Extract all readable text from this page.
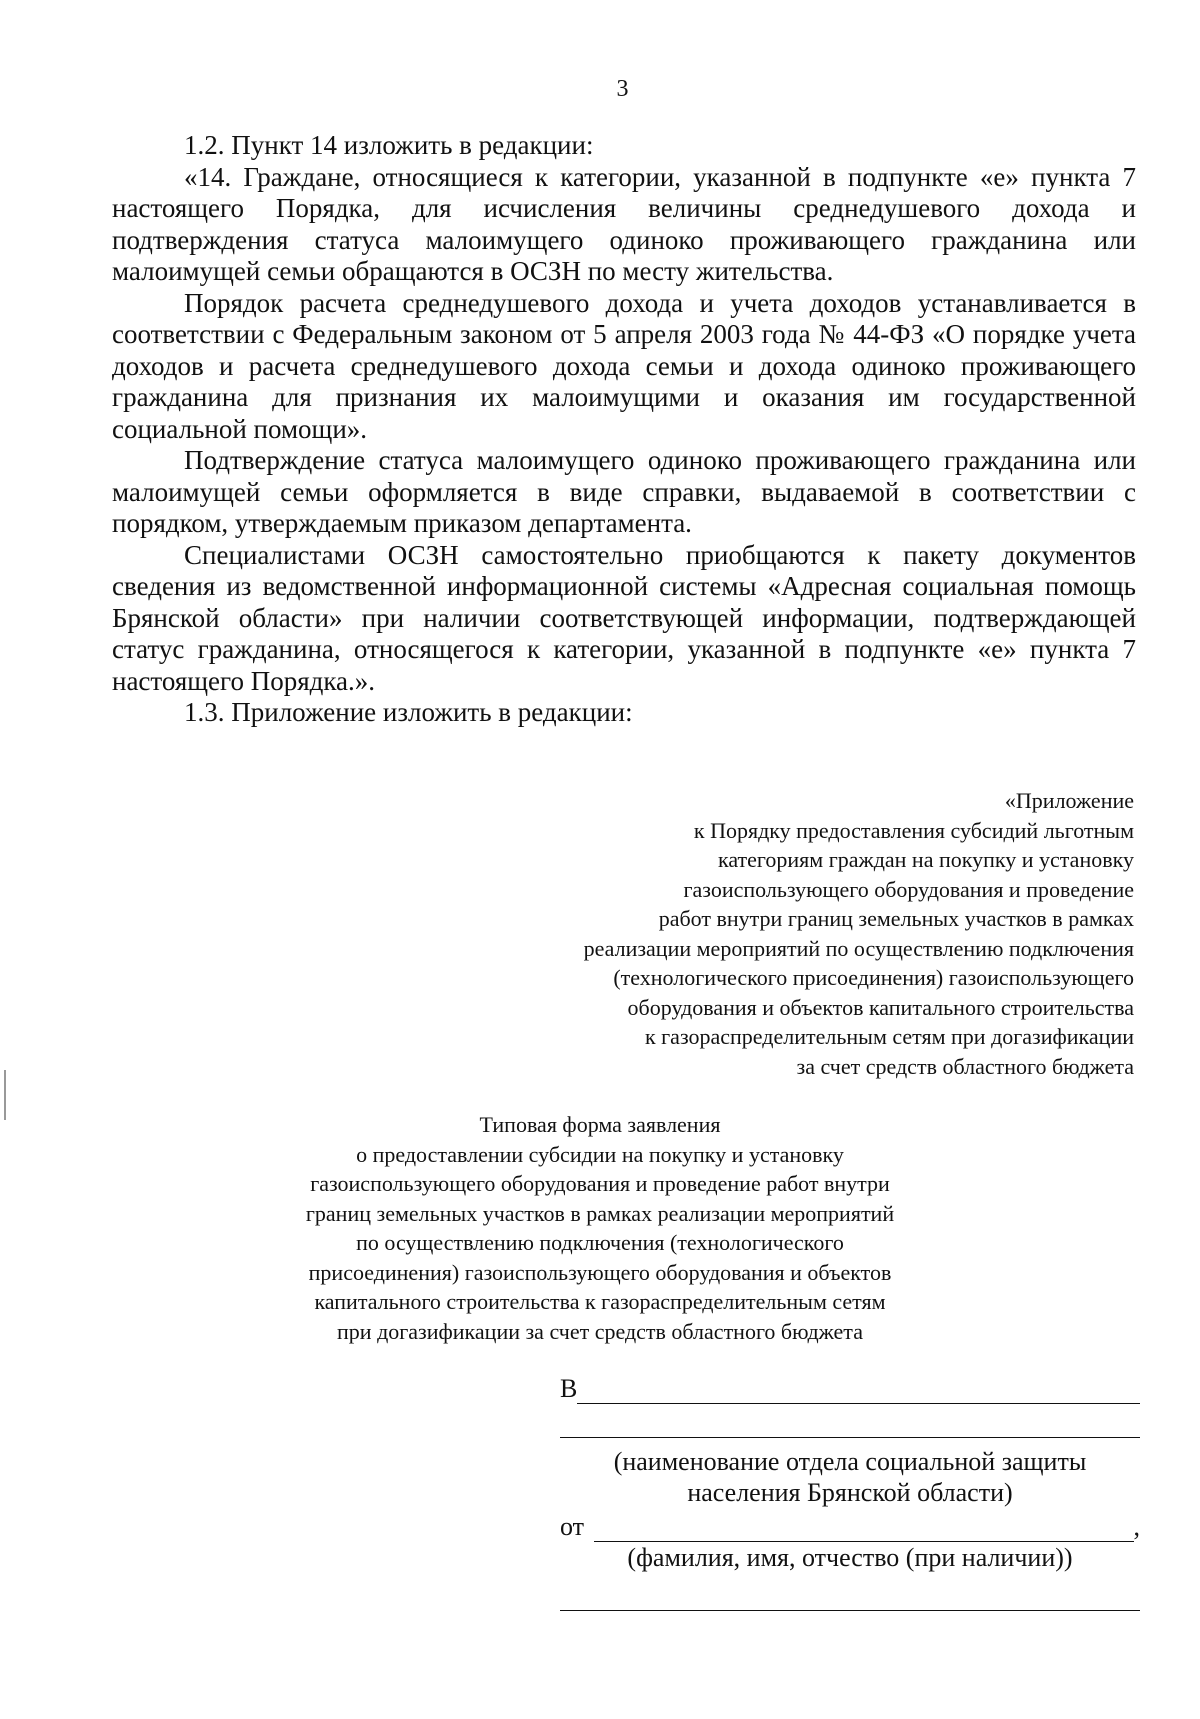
3

1.2. Пункт 14 изложить в редакции:

«14. Граждане, относящиеся к категории, указанной в подпункте «е» пункта 7 настоящего Порядка, для исчисления величины среднедушевого дохода и подтверждения статуса малоимущего одиноко проживающего гражданина или малоимущей семьи обращаются в ОСЗН по месту жительства.

Порядок расчета среднедушевого дохода и учета доходов устанавливается в соответствии с Федеральным законом от 5 апреля 2003 года № 44-ФЗ «О порядке учета доходов и расчета среднедушевого дохода семьи и дохода одиноко проживающего гражданина для признания их малоимущими и оказания им государственной социальной помощи».

Подтверждение статуса малоимущего одиноко проживающего гражданина или малоимущей семьи оформляется в виде справки, выдаваемой в соответствии с порядком, утверждаемым приказом департамента.

Специалистами ОСЗН самостоятельно приобщаются к пакету документов сведения из ведомственной информационной системы «Адресная социальная помощь Брянской области» при наличии соответствующей информации, подтверждающей статус гражданина, относящегося к категории, указанной в подпункте «е» пункта 7 настоящего Порядка.».

1.3. Приложение изложить в редакции:

«Приложение
к Порядку предоставления субсидий льготным
категориям граждан на покупку и установку
газоиспользующего оборудования и проведение
работ внутри границ земельных участков в рамках
реализации мероприятий по осуществлению подключения
(технологического присоединения) газоиспользующего
оборудования и объектов капитального строительства
к газораспределительным сетям при догазификации
за счет средств областного бюджета
Типовая форма заявления
о предоставлении субсидии на покупку и установку
газоиспользующего оборудования и проведение работ внутри
границ земельных участков в рамках реализации мероприятий
по осуществлению подключения (технологического
присоединения) газоиспользующего оборудования и объектов
капитального строительства к газораспределительным сетям
при догазификации за счет средств областного бюджета
В
(наименование отдела социальной защиты
населения Брянской области)
от	,
(фамилия, имя, отчество (при наличии))
